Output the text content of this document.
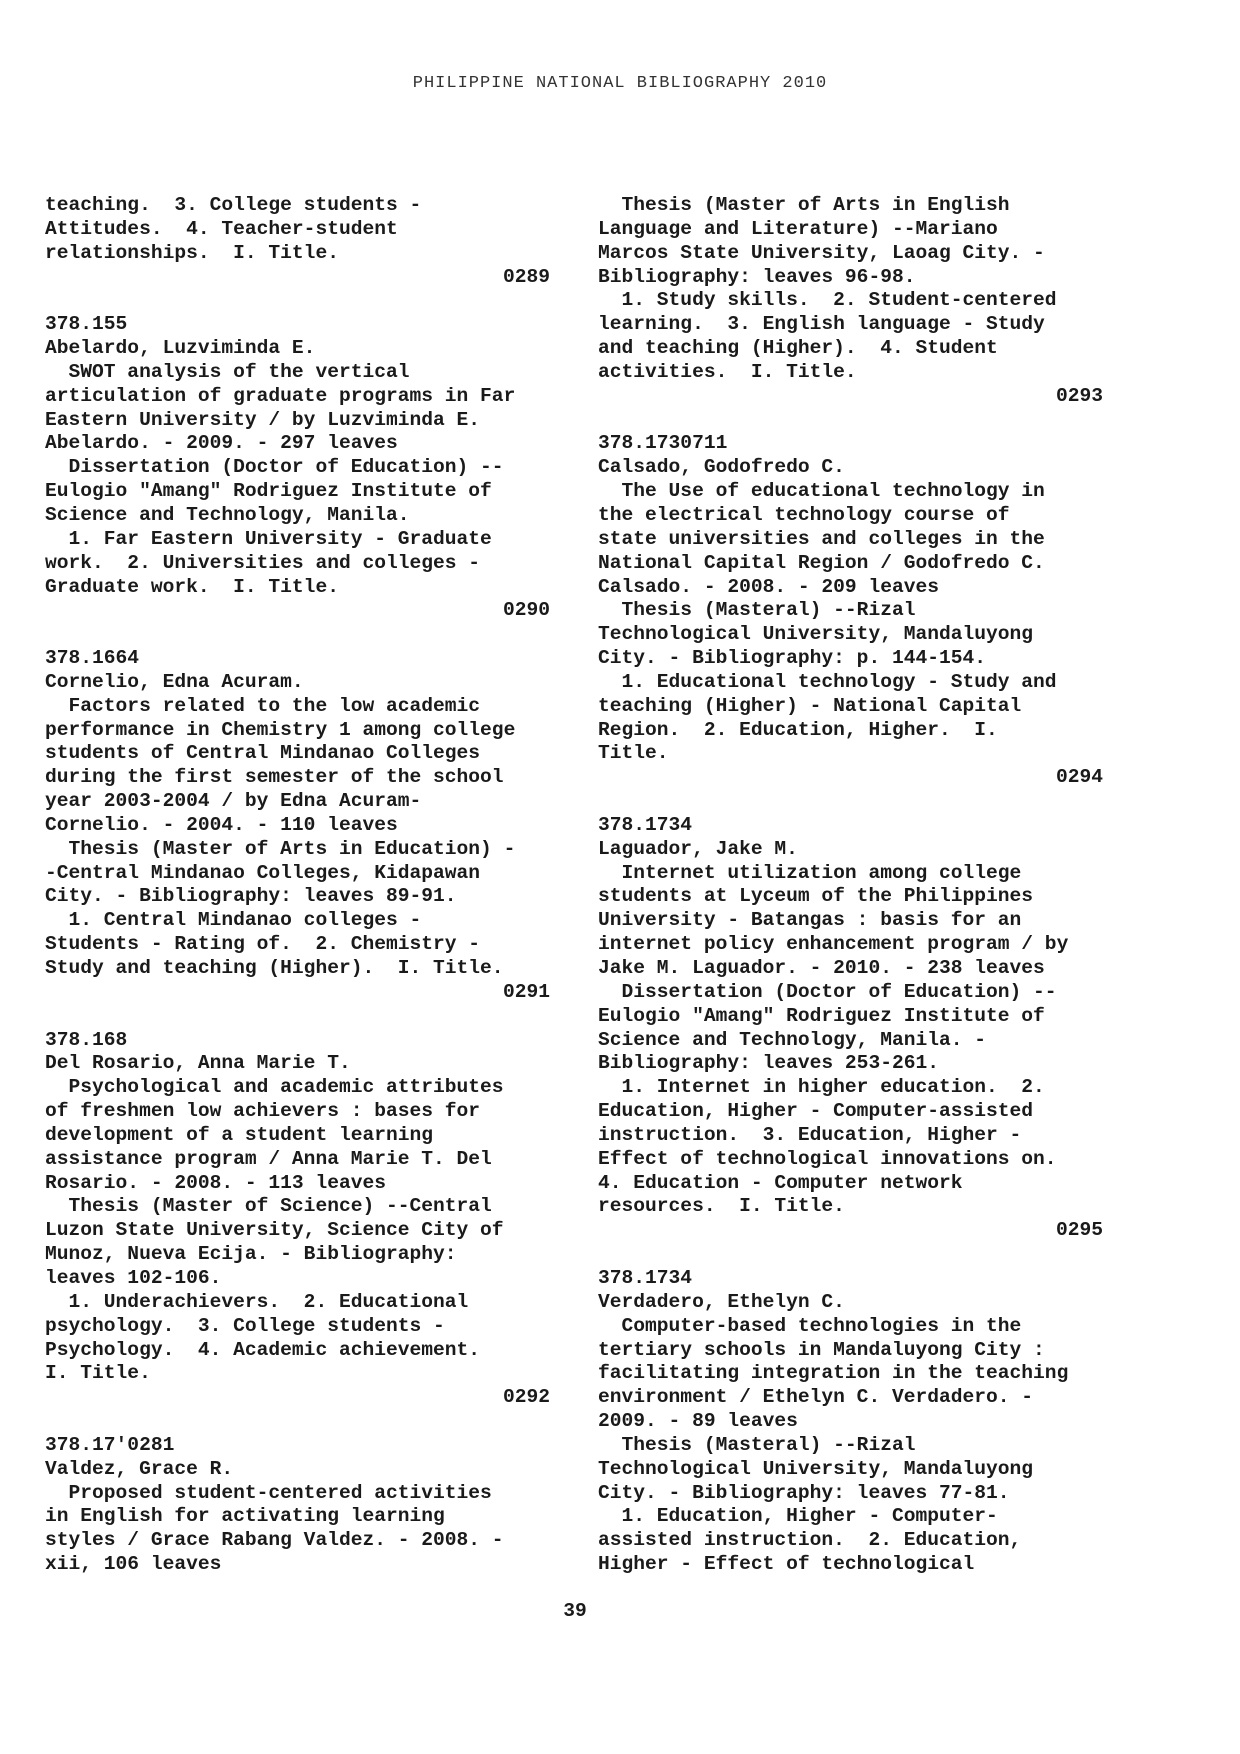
PHILIPPINE NATIONAL BIBLIOGRAPHY 2010
teaching.  3. College students -
Attitudes.  4. Teacher-student
relationships.  I. Title.
0289
378.155
Abelardo, Luzviminda E.
SWOT analysis of the vertical
articulation of graduate programs in Far
Eastern University / by Luzviminda E.
Abelardo. - 2009. - 297 leaves
Dissertation (Doctor of Education) --
Eulogio "Amang" Rodriguez Institute of
Science and Technology, Manila.
1. Far Eastern University - Graduate
work.  2. Universities and colleges -
Graduate work.  I. Title.
0290
378.1664
Cornelio, Edna Acuram.
Factors related to the low academic
performance in Chemistry 1 among college
students of Central Mindanao Colleges
during the first semester of the school
year 2003-2004 / by Edna Acuram-
Cornelio. - 2004. - 110 leaves
Thesis (Master of Arts in Education) -
-Central Mindanao Colleges, Kidapawan
City. - Bibliography: leaves 89-91.
1. Central Mindanao colleges -
Students - Rating of.  2. Chemistry -
Study and teaching (Higher).  I. Title.
0291
378.168
Del Rosario, Anna Marie T.
Psychological and academic attributes
of freshmen low achievers : bases for
development of a student learning
assistance program / Anna Marie T. Del
Rosario. - 2008. - 113 leaves
Thesis (Master of Science) --Central
Luzon State University, Science City of
Munoz, Nueva Ecija. - Bibliography:
leaves 102-106.
1. Underachievers.  2. Educational
psychology.  3. College students -
Psychology.  4. Academic achievement.
I. Title.
0292
378.17'0281
Valdez, Grace R.
Proposed student-centered activities
in English for activating learning
styles / Grace Rabang Valdez. - 2008. -
xii, 106 leaves
Thesis (Master of Arts in English
Language and Literature) --Mariano
Marcos State University, Laoag City. -
Bibliography: leaves 96-98.
1. Study skills.  2. Student-centered
learning.  3. English language - Study
and teaching (Higher).  4. Student
activities.  I. Title.
0293
378.1730711
Calsado, Godofredo C.
The Use of educational technology in
the electrical technology course of
state universities and colleges in the
National Capital Region / Godofredo C.
Calsado. - 2008. - 209 leaves
Thesis (Masteral) --Rizal
Technological University, Mandaluyong
City. - Bibliography: p. 144-154.
1. Educational technology - Study and
teaching (Higher) - National Capital
Region.  2. Education, Higher.  I.
Title.
0294
378.1734
Laguador, Jake M.
Internet utilization among college
students at Lyceum of the Philippines
University - Batangas : basis for an
internet policy enhancement program / by
Jake M. Laguador. - 2010. - 238 leaves
Dissertation (Doctor of Education) --
Eulogio "Amang" Rodriguez Institute of
Science and Technology, Manila. -
Bibliography: leaves 253-261.
1. Internet in higher education.  2.
Education, Higher - Computer-assisted
instruction.  3. Education, Higher -
Effect of technological innovations on.
4. Education - Computer network
resources.  I. Title.
0295
378.1734
Verdadero, Ethelyn C.
Computer-based technologies in the
tertiary schools in Mandaluyong City :
facilitating integration in the teaching
environment / Ethelyn C. Verdadero. -
2009. - 89 leaves
Thesis (Masteral) --Rizal
Technological University, Mandaluyong
City. - Bibliography: leaves 77-81.
1. Education, Higher - Computer-
assisted instruction.  2. Education,
Higher - Effect of technological
39
